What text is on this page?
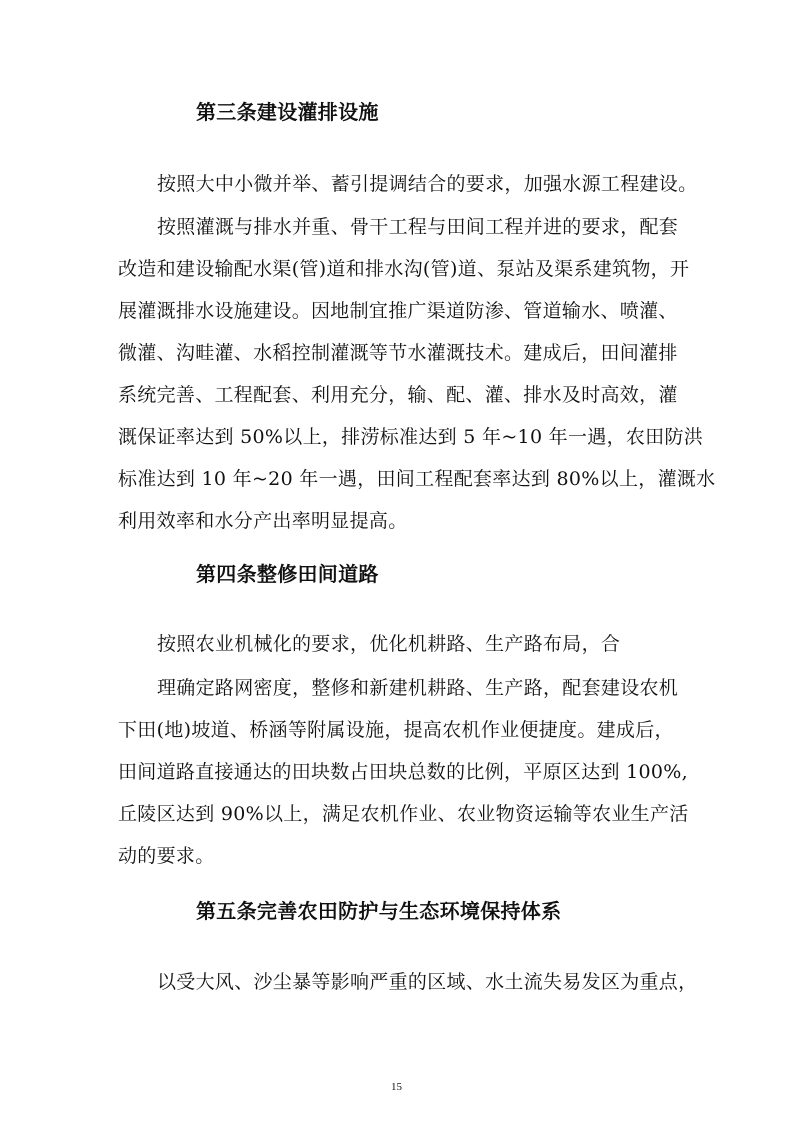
第三条建设灌排设施
按照大中小微并举、蓄引提调结合的要求，加强水源工程建设。
按照灌溉与排水并重、骨干工程与田间工程并进的要求，配套
改造和建设输配水渠(管)道和排水沟(管)道、泵站及渠系建筑物，开
展灌溉排水设施建设。因地制宜推广渠道防渗、管道输水、喷灌、
微灌、沟畦灌、水稻控制灌溉等节水灌溉技术。建成后，田间灌排
系统完善、工程配套、利用充分，输、配、灌、排水及时高效，灌
溉保证率达到 50%以上，排涝标准达到 5 年~10 年一遇，农田防洪
标准达到 10 年~20 年一遇，田间工程配套率达到 80%以上，灌溉水
利用效率和水分产出率明显提高。
第四条整修田间道路
按照农业机械化的要求，优化机耕路、生产路布局，合
理确定路网密度，整修和新建机耕路、生产路，配套建设农机
下田(地)坡道、桥涵等附属设施，提高农机作业便捷度。建成后，
田间道路直接通达的田块数占田块总数的比例，平原区达到 100%,
丘陵区达到 90%以上，满足农机作业、农业物资运输等农业生产活
动的要求。
第五条完善农田防护与生态环境保持体系
以受大风、沙尘暴等影响严重的区域、水土流失易发区为重点，
15
